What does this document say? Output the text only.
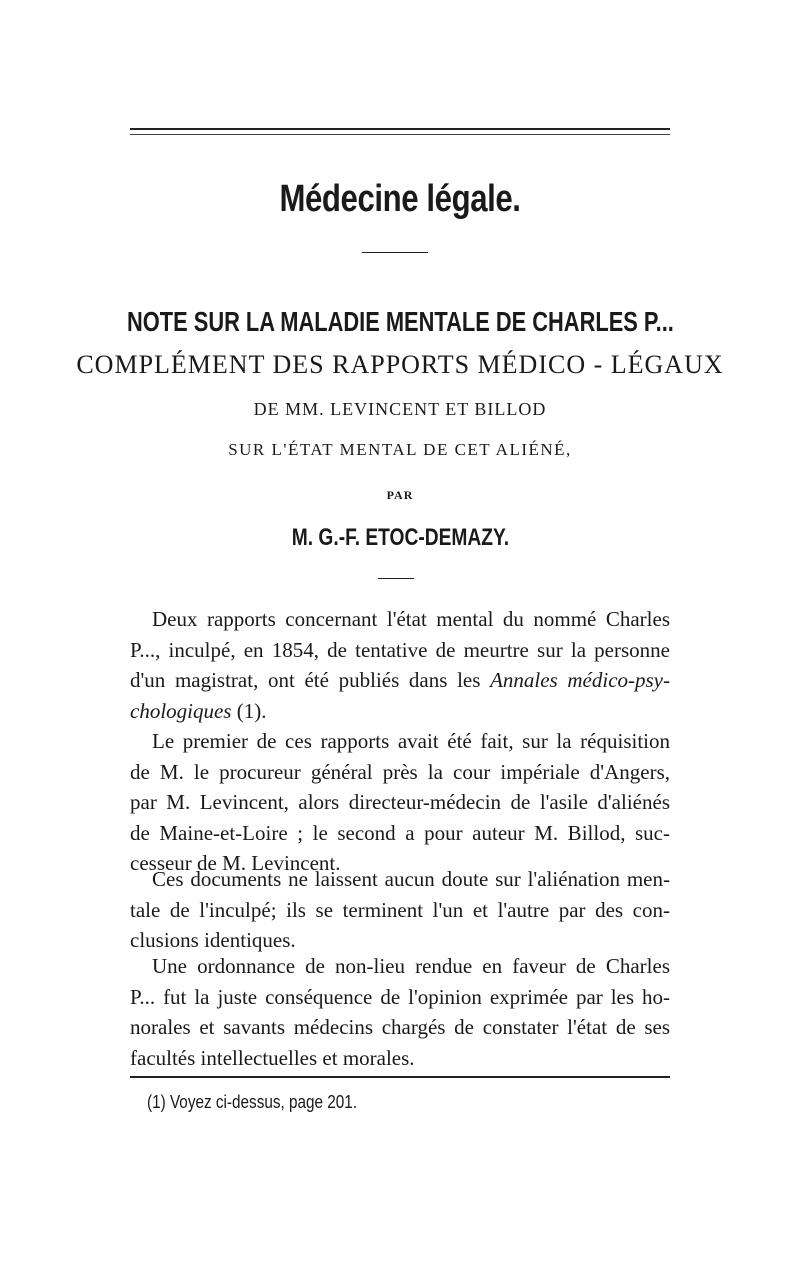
Médecine légale.
NOTE SUR LA MALADIE MENTALE DE CHARLES P...
COMPLÉMENT DES RAPPORTS MÉDICO - LÉGAUX
DE MM. LEVINCENT ET BILLOD
SUR L'ÉTAT MENTAL DE CET ALIÉNÉ,
PAR
M. G.-F. ETOC-DEMAZY.
Deux rapports concernant l'état mental du nommé Charles
P..., inculpé, en 1854, de tentative de meurtre sur la personne
d'un magistrat, ont été publiés dans les Annales médico-psy-
chologiques (1).
Le premier de ces rapports avait été fait, sur la réquisition
de M. le procureur général près la cour impériale d'Angers,
par M. Levincent, alors directeur-médecin de l'asile d'aliénés
de Maine-et-Loire ; le second a pour auteur M. Billod, suc-
cesseur de M. Levincent.
Ces documents ne laissent aucun doute sur l'aliénation men-
tale de l'inculpé; ils se terminent l'un et l'autre par des con-
clusions identiques.
Une ordonnance de non-lieu rendue en faveur de Charles
P... fut la juste conséquence de l'opinion exprimée par les ho-
norales et savants médecins chargés de constater l'état de ses
facultés intellectuelles et morales.
(1) Voyez ci-dessus, page 201.
